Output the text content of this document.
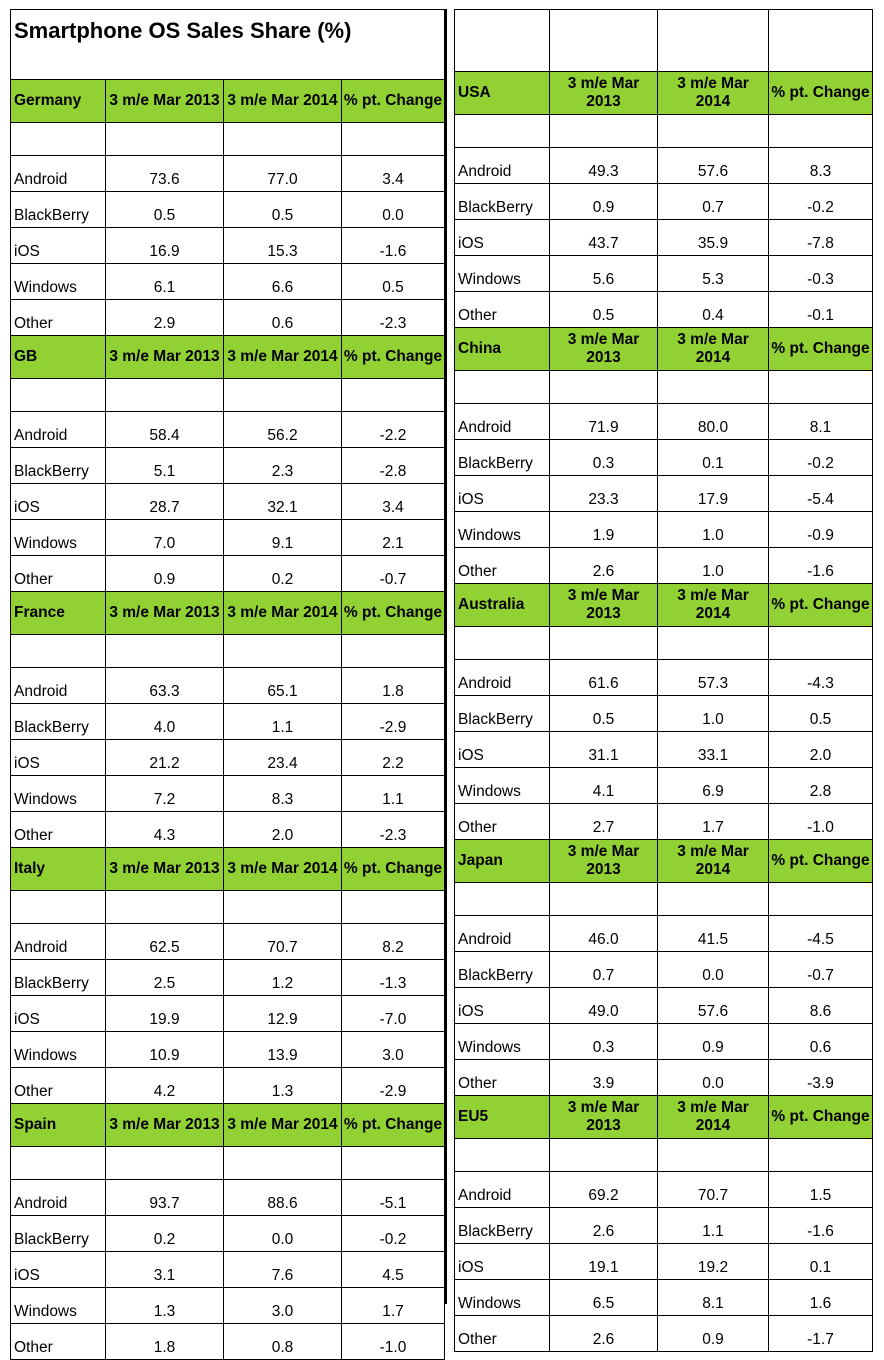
Smartphone OS Sales Share (%)			
Germany	3 m/e Mar 2013	3 m/e Mar 2014	% pt. Change

Android	73.6	77.0	3.4
BlackBerry	0.5	0.5	0.0
iOS	16.9	15.3	-1.6
Windows	6.1	6.6	0.5
Other	2.9	0.6	-2.3
GB	3 m/e Mar 2013	3 m/e Mar 2014	% pt. Change

Android	58.4	56.2	-2.2
BlackBerry	5.1	2.3	-2.8
iOS	28.7	32.1	3.4
Windows	7.0	9.1	2.1
Other	0.9	0.2	-0.7
France	3 m/e Mar 2013	3 m/e Mar 2014	% pt. Change

Android	63.3	65.1	1.8
BlackBerry	4.0	1.1	-2.9
iOS	21.2	23.4	2.2
Windows	7.2	8.3	1.1
Other	4.3	2.0	-2.3
Italy	3 m/e Mar 2013	3 m/e Mar 2014	% pt. Change

Android	62.5	70.7	8.2
BlackBerry	2.5	1.2	-1.3
iOS	19.9	12.9	-7.0
Windows	10.9	13.9	3.0
Other	4.2	1.3	-2.9
Spain	3 m/e Mar 2013	3 m/e Mar 2014	% pt. Change

Android	93.7	88.6	-5.1
BlackBerry	0.2	0.0	-0.2
iOS	3.1	7.6	4.5
Windows	1.3	3.0	1.7
Other	1.8	0.8	-1.0

USA	3 m/e Mar 2013	3 m/e Mar 2014	% pt. Change

Android	49.3	57.6	8.3
BlackBerry	0.9	0.7	-0.2
iOS	43.7	35.9	-7.8
Windows	5.6	5.3	-0.3
Other	0.5	0.4	-0.1
China	3 m/e Mar 2013	3 m/e Mar 2014	% pt. Change

Android	71.9	80.0	8.1
BlackBerry	0.3	0.1	-0.2
iOS	23.3	17.9	-5.4
Windows	1.9	1.0	-0.9
Other	2.6	1.0	-1.6
Australia	3 m/e Mar 2013	3 m/e Mar 2014	% pt. Change

Android	61.6	57.3	-4.3
BlackBerry	0.5	1.0	0.5
iOS	31.1	33.1	2.0
Windows	4.1	6.9	2.8
Other	2.7	1.7	-1.0
Japan	3 m/e Mar 2013	3 m/e Mar 2014	% pt. Change

Android	46.0	41.5	-4.5
BlackBerry	0.7	0.0	-0.7
iOS	49.0	57.6	8.6
Windows	0.3	0.9	0.6
Other	3.9	0.0	-3.9
EU5	3 m/e Mar 2013	3 m/e Mar 2014	% pt. Change

Android	69.2	70.7	1.5
BlackBerry	2.6	1.1	-1.6
iOS	19.1	19.2	0.1
Windows	6.5	8.1	1.6
Other	2.6	0.9	-1.7
